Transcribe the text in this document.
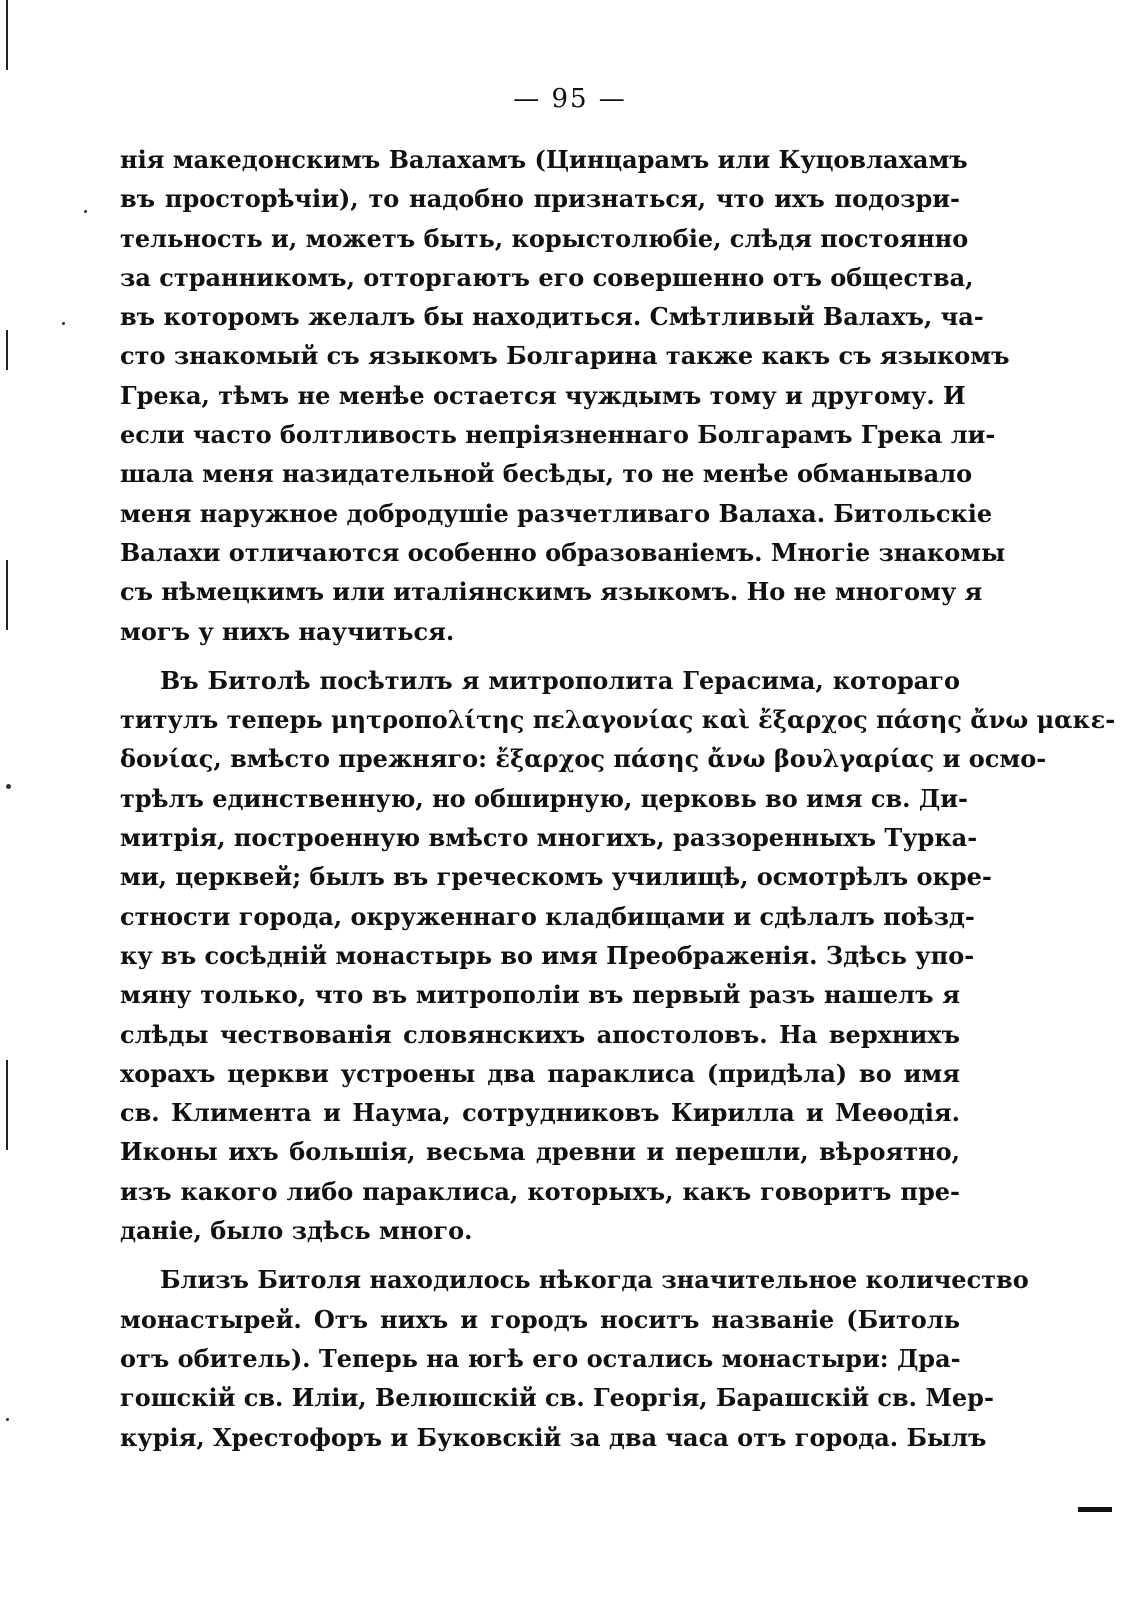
— 95 —
нія македонскимъ Валахамъ (Цинцарамъ или Куцовлахамъ
въ просторѣчіи), то надобно признаться, что ихъ подозри-
тельность и, можетъ быть, корыстолюбіе, слѣдя постоянно
за странникомъ, отторгаютъ его совершенно отъ общества,
въ которомъ желалъ бы находиться. Смѣтливый Валахъ, ча-
сто знакомый съ языкомъ Болгарина также какъ съ языкомъ
Грека, тѣмъ не менѣе остается чуждымъ тому и другому. И
если часто болтливость непріязненнаго Болгарамъ Грека ли-
шала меня назидательной бесѣды, то не менѣе обманывало
меня наружное добродушіе разчетливаго Валаха. Битольскіе
Валахи отличаются особенно образованіемъ. Многіе знакомы
съ нѣмецкимъ или италіянскимъ языкомъ. Но не многому я
могъ у нихъ научиться.
Въ Битолѣ посѣтилъ я митрополита Герасима, котораго
титулъ теперь μητροπολίτης πελαγονίας καὶ ἔξαρχος πάσης ἄνω μακε-
δονίας, вмѣсто прежняго: ἔξαρχος πάσης ἄνω βουλγαρίας и осмо-
трѣлъ единственную, но обширную, церковь во имя св. Ди-
митрія, построенную вмѣсто многихъ, раззоренныхъ Турка-
ми, церквей; былъ въ греческомъ училищѣ, осмотрѣлъ окре-
стности города, окруженнаго кладбищами и сдѣлалъ поѣзд-
ку въ сосѣдній монастырь во имя Преображенія. Здѣсь упо-
мяну только, что въ митрополіи въ первый разъ нашелъ я
слѣды чествованія словянскихъ апостоловъ. На верхнихъ
хорахъ церкви устроены два параклиса (придѣла) во имя
св. Климента и Наума, сотрудниковъ Кирилла и Меѳодія.
Иконы ихъ большія, весьма древни и перешли, вѣроятно,
изъ какого либо параклиса, которыхъ, какъ говоритъ пре-
даніе, было здѣсь много.
Близъ Битоля находилось нѣкогда значительное количество
монастырей. Отъ нихъ и городъ носитъ названіе (Битоль
отъ обитель). Теперь на югѣ его остались монастыри: Дра-
гошскій св. Иліи, Велюшскій св. Георгія, Барашскій св. Мер-
курія, Хрестофоръ и Буковскій за два часа отъ города. Былъ
